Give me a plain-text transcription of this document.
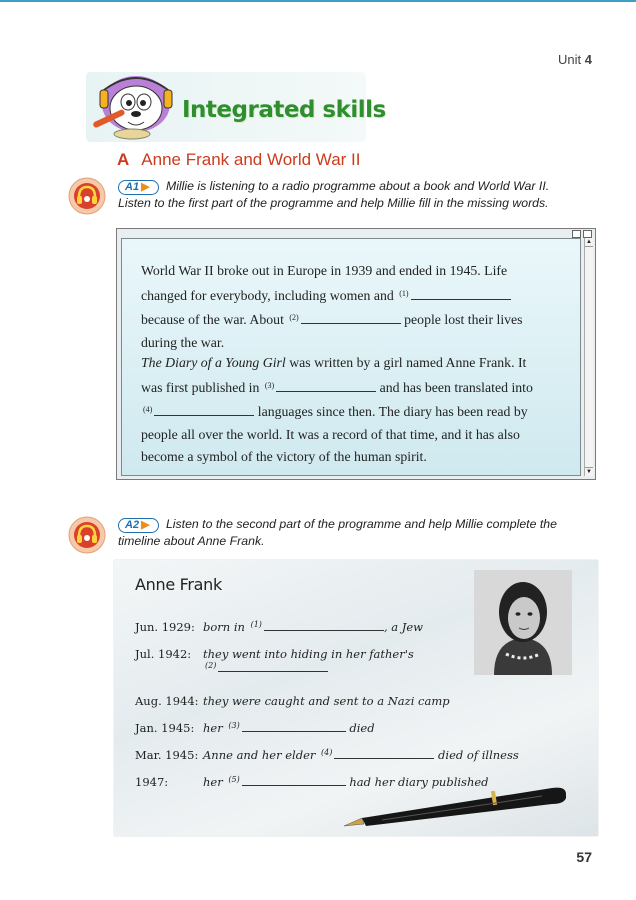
Unit 4
Integrated skills
A Anne Frank and World War II
A1 ▶ Millie is listening to a radio programme about a book and World War II.
Listen to the first part of the programme and help Millie fill in the missing words.
World War II broke out in Europe in 1939 and ended in 1945. Life
changed for everybody, including women and $^{(1)}$
because of the war. About $^{(2)}$	people lost their lives
during the war.
The Diary of a Young Girl was written by a girl named Anne Frank. It
was first published in $^{(3)}$	and has been translated into
$^{(4)}$	languages since then. The diary has been read by
people all over the world. It was a record of that time, and it has also
become a symbol of the victory of the human spirit.
▲
▼
A2 ▶ Listen to the second part of the programme and help Millie complete the
timeline about Anne Frank.
Anne Frank
Jun. 1929: born in $^{(1)}$	, a Jew
Jul. 1942:	they went into hiding in her father's
$^{(2)}$
Aug. 1944: they were caught and sent to a Nazi camp
Jan. 1945: her $^{(3)}$	died
Mar. 1945: Anne and her elder $^{(4)}$	died of illness
1947:	her $^{(5)}$	had her diary published
57
